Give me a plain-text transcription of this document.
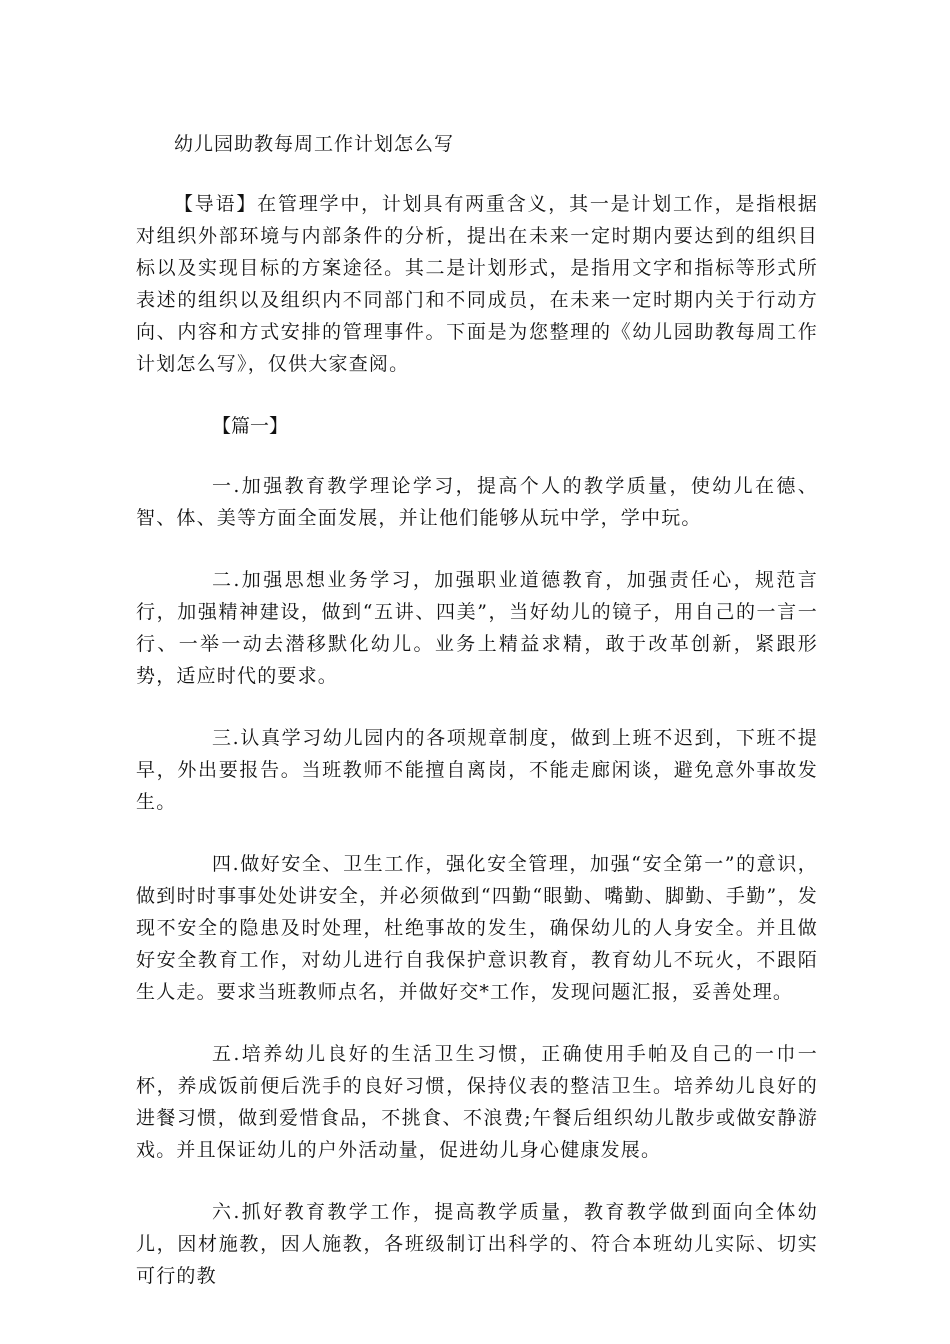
幼儿园助教每周工作计划怎么写

【导语】在管理学中，计划具有两重含义，其一是计划工作，是指根据对组织外部环境与内部条件的分析，提出在未来一定时期内要达到的组织目标以及实现目标的方案途径。其二是计划形式，是指用文字和指标等形式所表述的组织以及组织内不同部门和不同成员，在未来一定时期内关于行动方向、内容和方式安排的管理事件。下面是为您整理的《幼儿园助教每周工作计划怎么写》，仅供大家查阅。

【篇一】

一.加强教育教学理论学习，提高个人的教学质量，使幼儿在德、智、体、美等方面全面发展，并让他们能够从玩中学，学中玩。

二.加强思想业务学习，加强职业道德教育，加强责任心，规范言行，加强精神建设，做到“五讲、四美”，当好幼儿的镜子，用自己的一言一行、一举一动去潜移默化幼儿。业务上精益求精，敢于改革创新，紧跟形势，适应时代的要求。

三.认真学习幼儿园内的各项规章制度，做到上班不迟到，下班不提早，外出要报告。当班教师不能擅自离岗，不能走廊闲谈，避免意外事故发生。

四.做好安全、卫生工作，强化安全管理，加强“安全第一”的意识，做到时时事事处处讲安全，并必须做到“四勤“眼勤、嘴勤、脚勤、手勤”，发现不安全的隐患及时处理，杜绝事故的发生，确保幼儿的人身安全。并且做好安全教育工作，对幼儿进行自我保护意识教育，教育幼儿不玩火，不跟陌生人走。要求当班教师点名，并做好交*工作，发现问题汇报，妥善处理。

五.培养幼儿良好的生活卫生习惯，正确使用手帕及自己的一巾一杯，养成饭前便后洗手的良好习惯，保持仪表的整洁卫生。培养幼儿良好的进餐习惯，做到爱惜食品，不挑食、不浪费;午餐后组织幼儿散步或做安静游戏。并且保证幼儿的户外活动量，促进幼儿身心健康发展。

六.抓好教育教学工作，提高教学质量，教育教学做到面向全体幼儿，因材施教，因人施教，各班级制订出科学的、符合本班幼儿实际、切实可行的教
